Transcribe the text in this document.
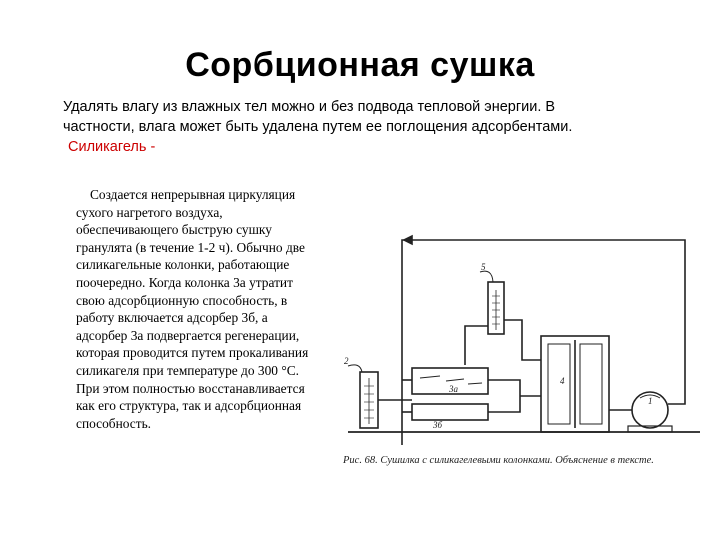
Сорбционная сушка
Удалять влагу из влажных тел можно и без подвода тепловой энергии. В
частности, влага может быть удалена путем ее поглощения адсорбентами.
Силикагель -
Создается непрерывная циркуляция сухого нагретого воздуха, обеспечивающего быструю сушку гранулята (в течение 1-2 ч). Обычно две силикагельные колонки, работающие поочередно. Когда колонка 3а утратит свою адсорбционную способность, в работу включается адсорбер 3б, а адсорбер 3а подвергается регенерации, которая проводится путем прокаливания силикагеля при температуре до 300 °С. При этом полностью восстанавливается как его структура, так и адсорбционная способность.
5
2
3а
3б
4
1
Рис. 68. Сушилка с силикагелевыми колонками. Объяснение в тексте.
